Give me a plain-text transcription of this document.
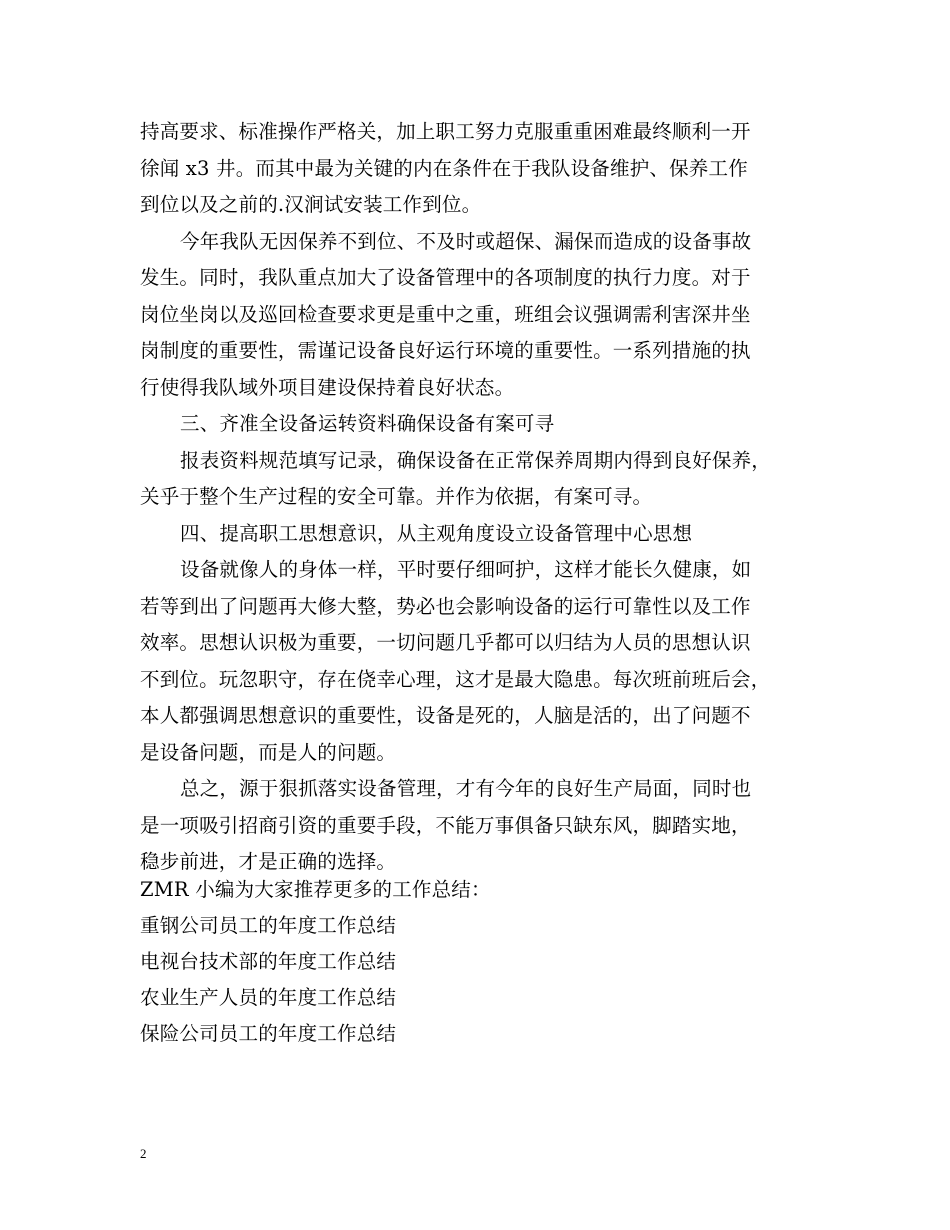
持高要求、标准操作严格关，加上职工努力克服重重困难最终顺利一开
徐闻 x3 井。而其中最为关键的内在条件在于我队设备维护、保养工作
到位以及之前的.汉涧试安装工作到位。
今年我队无因保养不到位、不及时或超保、漏保而造成的设备事故
发生。同时，我队重点加大了设备管理中的各项制度的执行力度。对于
岗位坐岗以及巡回检查要求更是重中之重，班组会议强调需利害深井坐
岗制度的重要性，需谨记设备良好运行环境的重要性。一系列措施的执
行使得我队域外项目建设保持着良好状态。
三、齐准全设备运转资料确保设备有案可寻
报表资料规范填写记录，确保设备在正常保养周期内得到良好保养，
关乎于整个生产过程的安全可靠。并作为依据，有案可寻。
四、提高职工思想意识，从主观角度设立设备管理中心思想
设备就像人的身体一样，平时要仔细呵护，这样才能长久健康，如
若等到出了问题再大修大整，势必也会影响设备的运行可靠性以及工作
效率。思想认识极为重要，一切问题几乎都可以归结为人员的思想认识
不到位。玩忽职守，存在侥幸心理，这才是最大隐患。每次班前班后会，
本人都强调思想意识的重要性，设备是死的，人脑是活的，出了问题不
是设备问题，而是人的问题。
总之，源于狠抓落实设备管理，才有今年的良好生产局面，同时也
是一项吸引招商引资的重要手段，不能万事俱备只缺东风，脚踏实地，
稳步前进，才是正确的选择。
ZMR 小编为大家推荐更多的工作总结：
重钢公司员工的年度工作总结
电视台技术部的年度工作总结
农业生产人员的年度工作总结
保险公司员工的年度工作总结
2
